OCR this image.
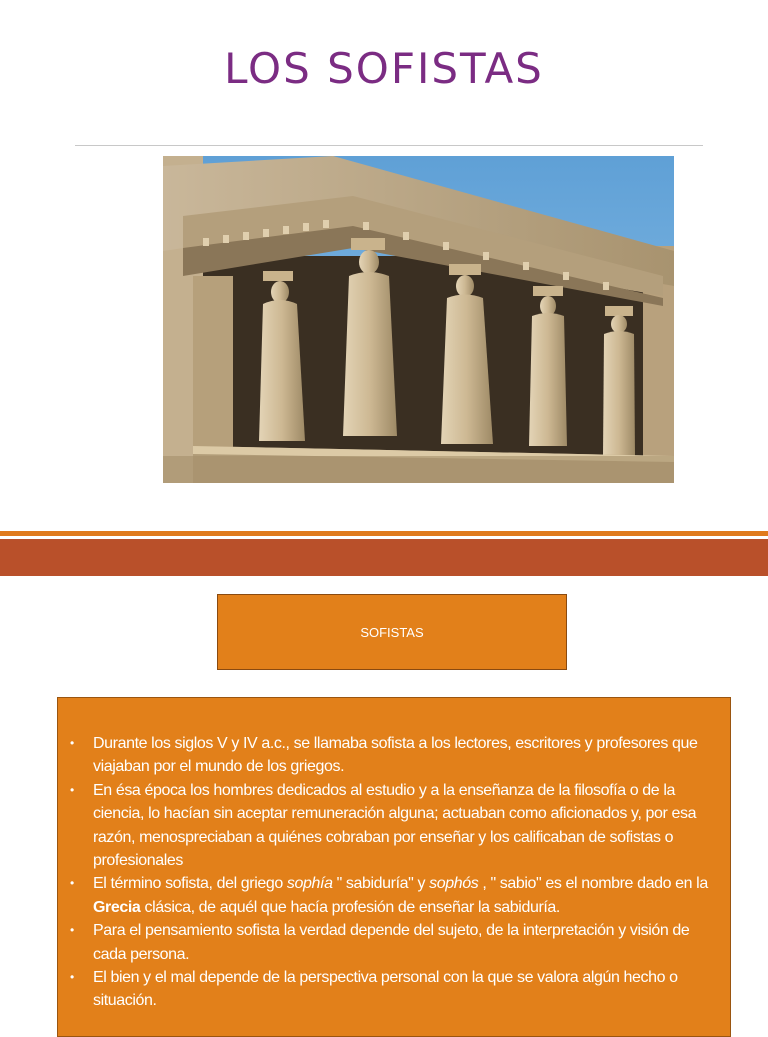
LOS SOFISTAS
SOFISTAS
• Durante los siglos V y IV a.c., se llamaba sofista a los lectores, escritores y profesores que viajaban por el mundo de los griegos.
• En ésa época los hombres dedicados al estudio y a la enseñanza de la filosofía o de la ciencia, lo hacían sin aceptar remuneración alguna; actuaban como aficionados y, por esa razón, menospreciaban a quiénes cobraban por enseñar y los calificaban de sofistas o profesionales
• El término sofista, del griego sophía " sabiduría" y sophós , " sabio" es el nombre dado en la Grecia clásica, de aquél que hacía profesión de enseñar la sabiduría.
• Para el pensamiento sofista la verdad depende del sujeto, de la interpretación y visión de cada persona.
• El bien y el mal depende de la perspectiva personal con la que se valora algún hecho o situación.
